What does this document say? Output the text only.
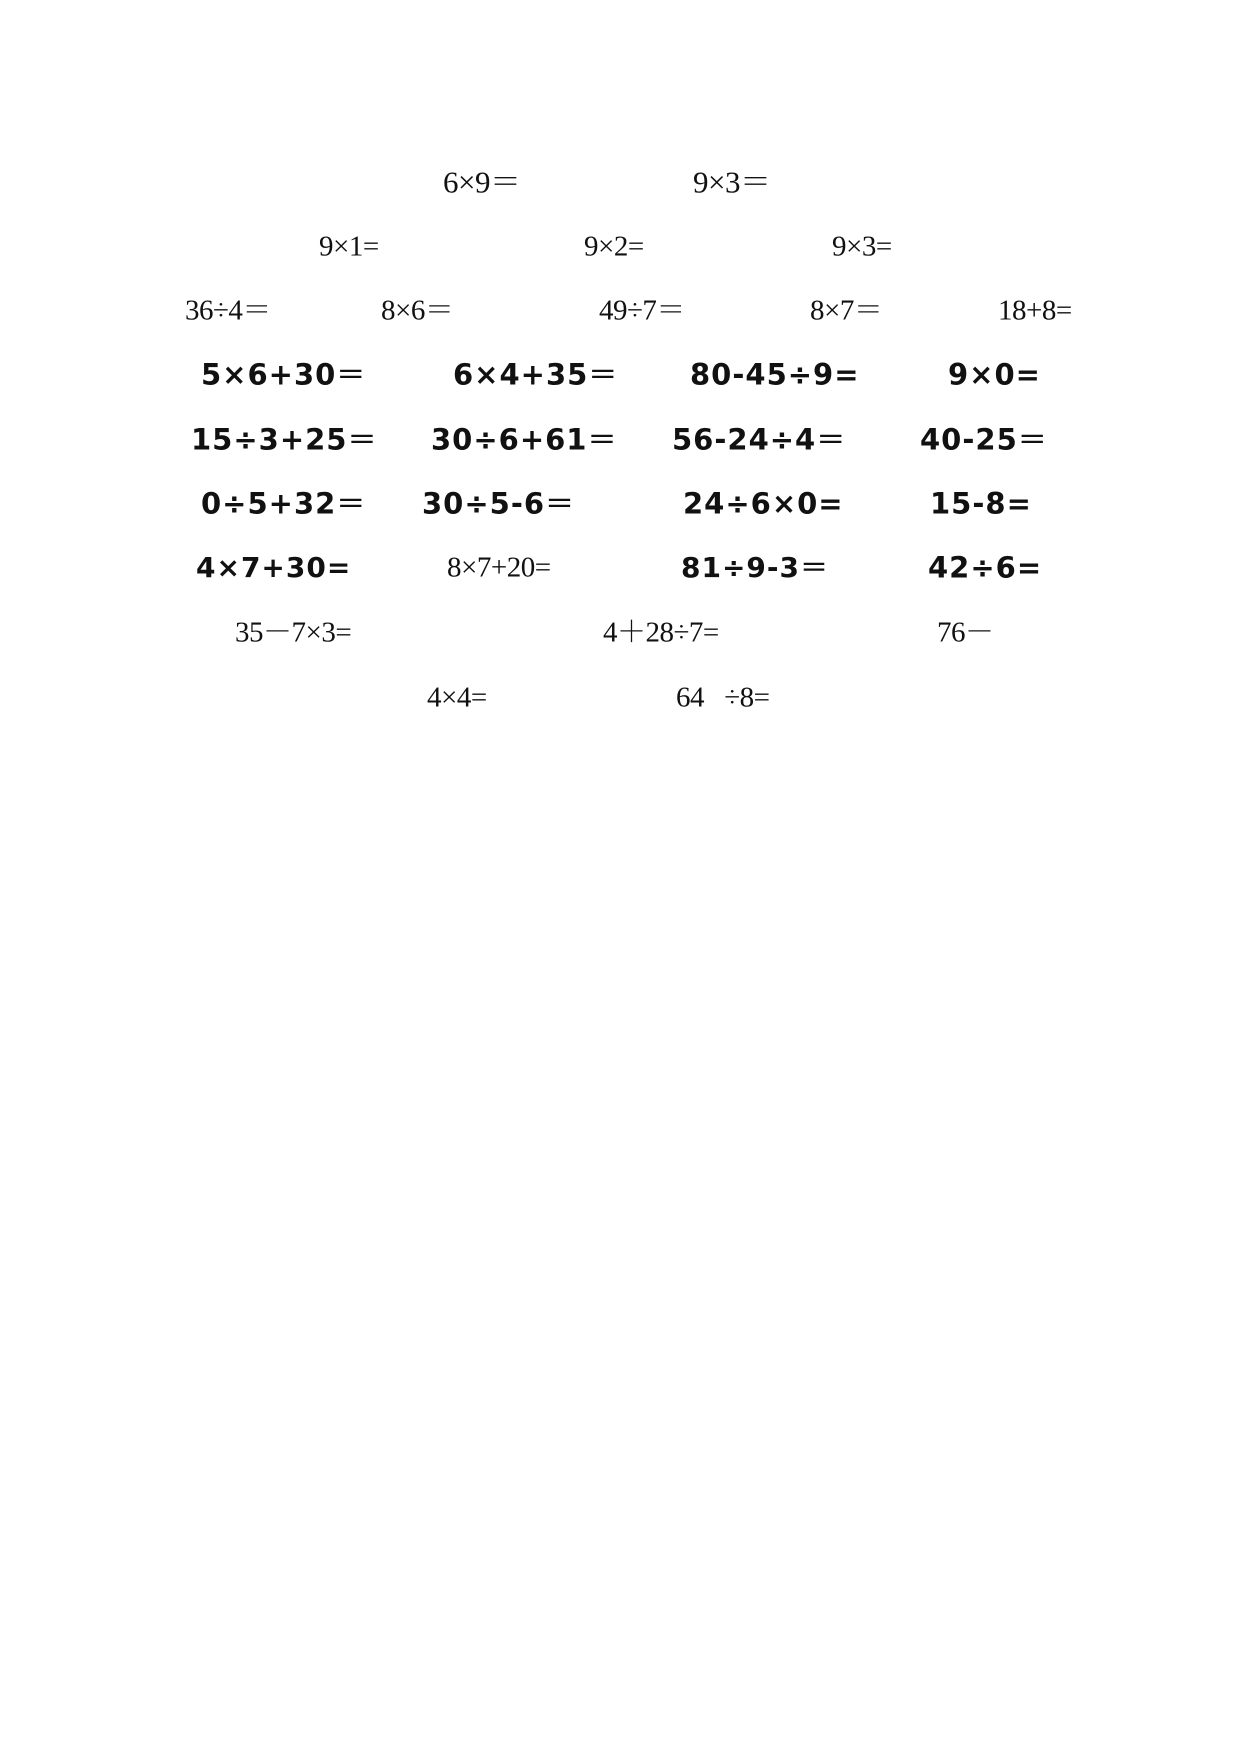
6×9＝	9×3＝
9×1=	9×2=	9×3=
36÷4＝	8×6＝	49÷7＝	8×7＝	18+8=
5×6+30＝	6×4+35＝ 80-45÷9=	9×0=
15÷3+25＝ 30÷6+61＝ 56-24÷4＝	40-25＝
0÷5+32＝ 30÷5-6＝	24÷6×0=	15-8=
4×7+30=	8×7+20=	81÷9-3＝	42÷6=
35－7×3=	4＋28÷7=	76－
4×4=	64   ÷8=
